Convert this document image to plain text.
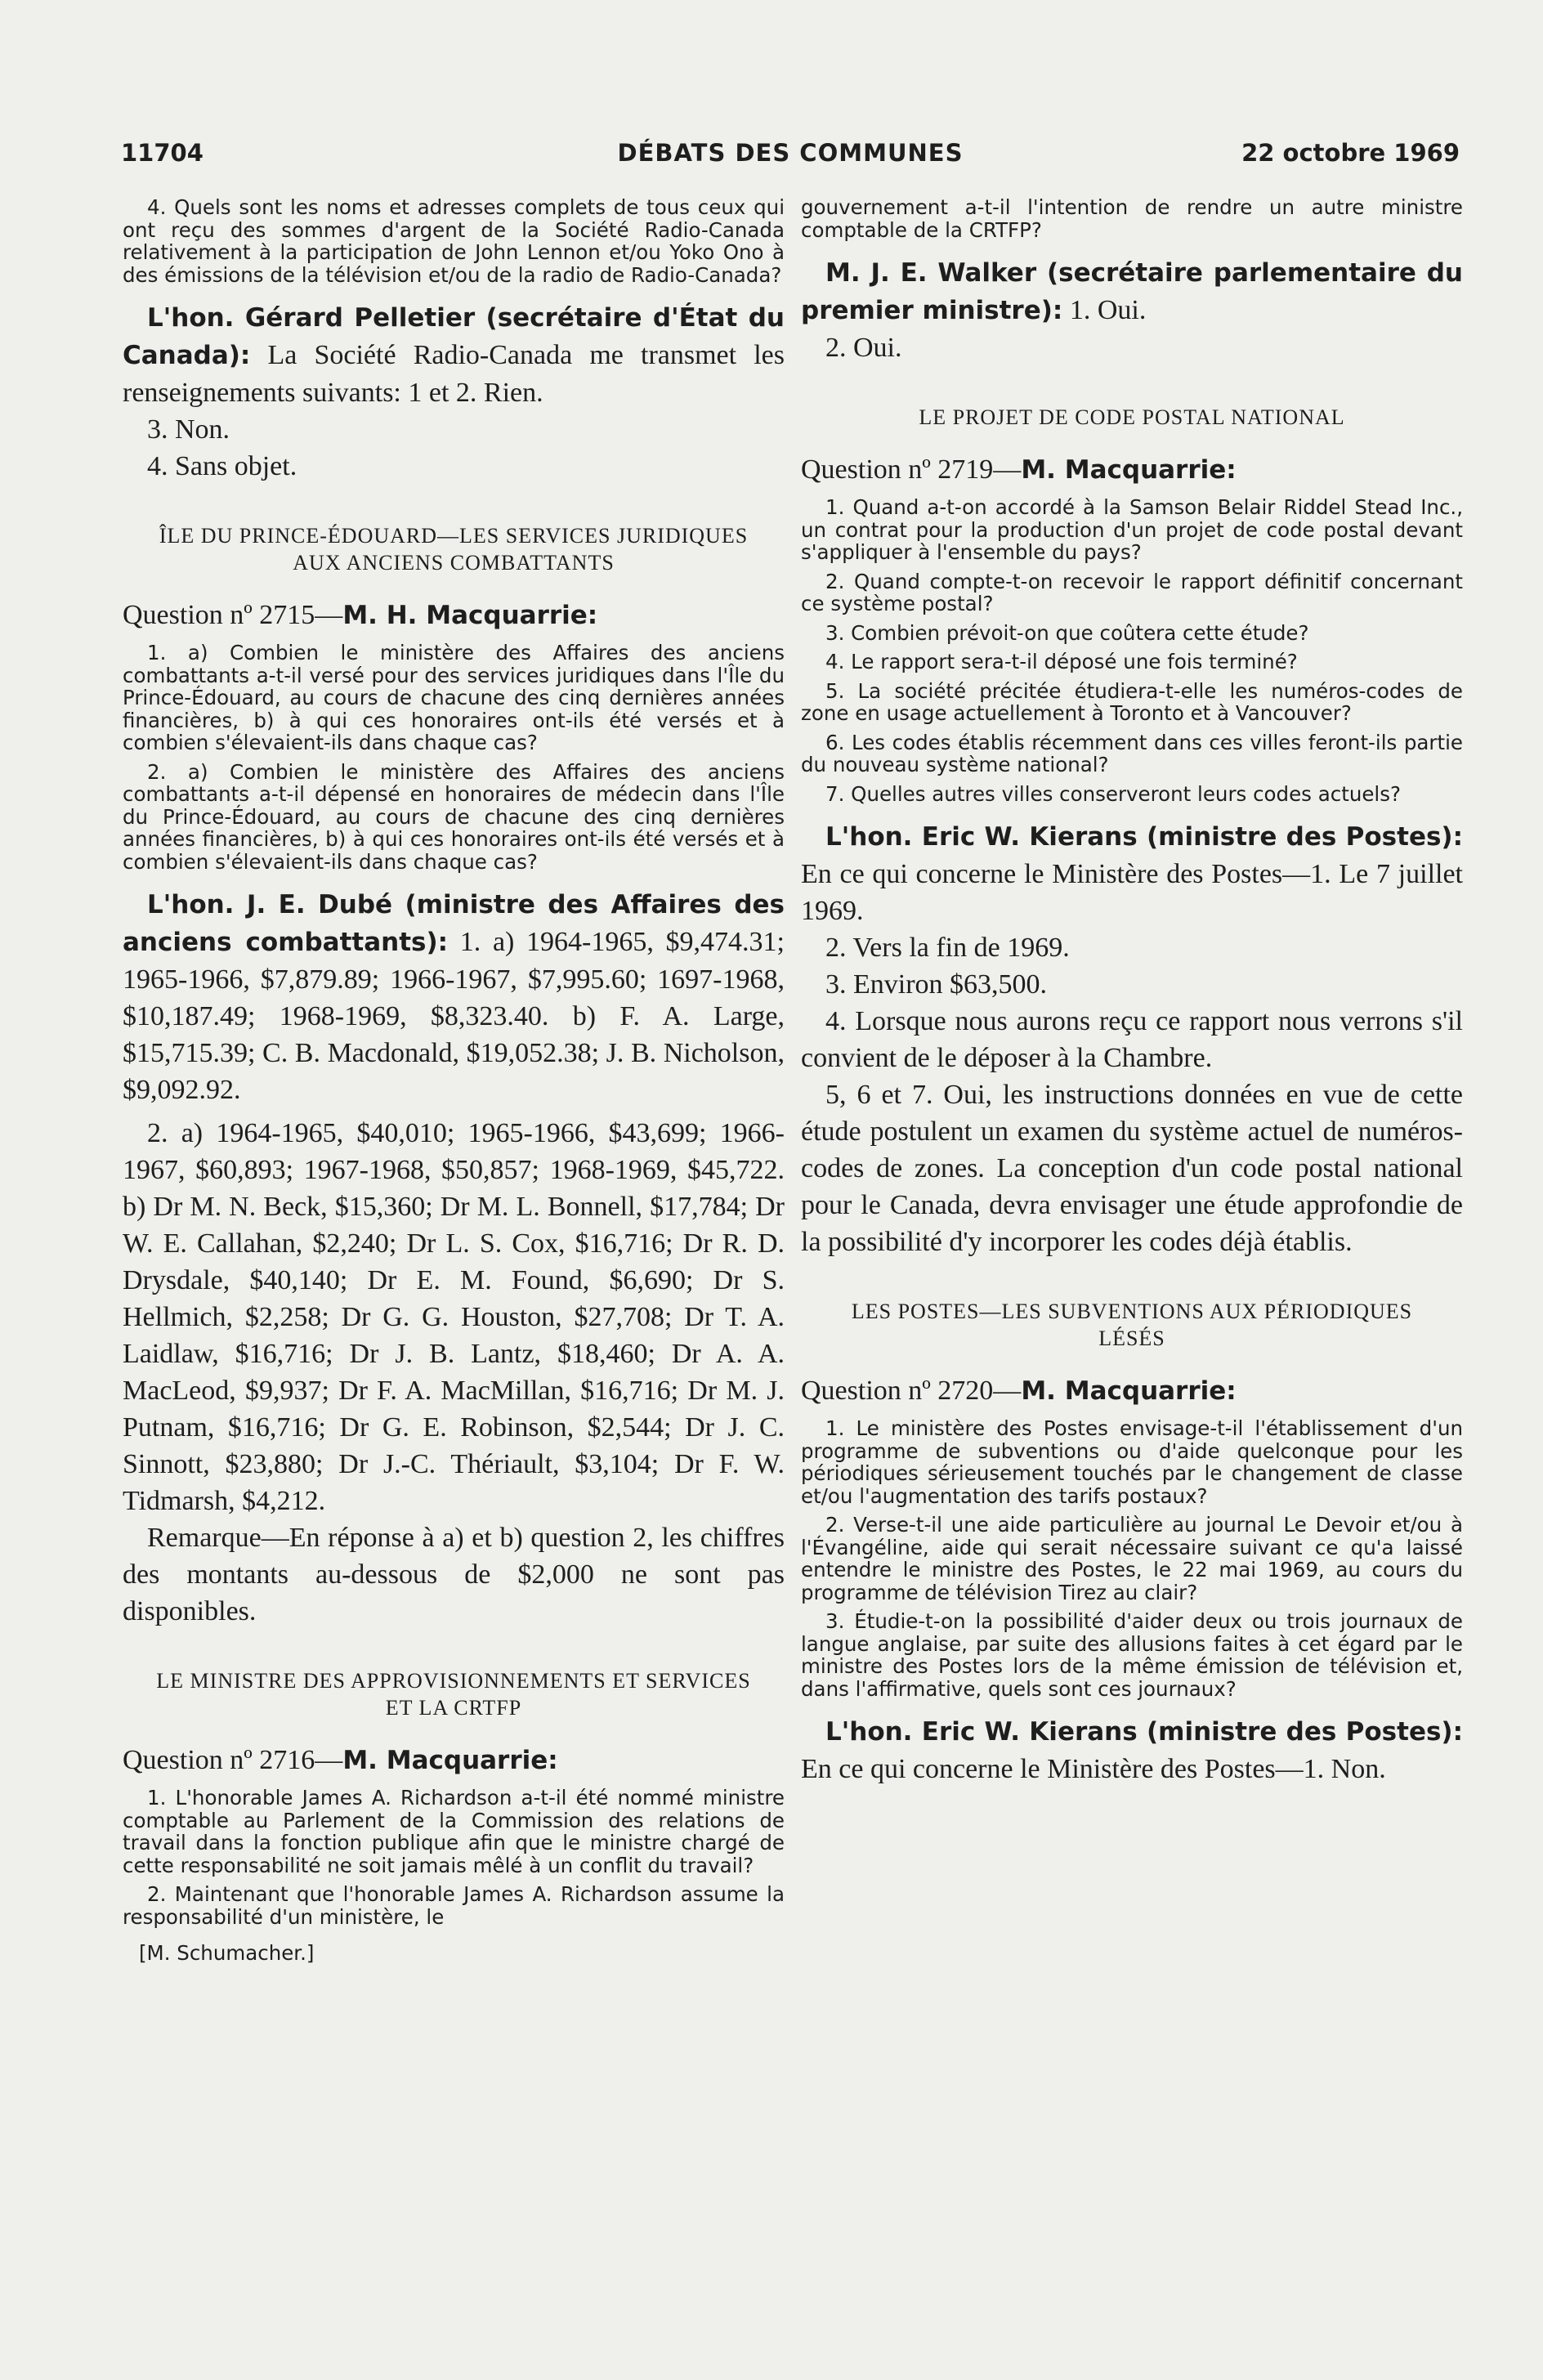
11704	DÉBATS DES COMMUNES	22 octobre 1969

4. Quels sont les noms et adresses complets de tous ceux qui ont reçu des sommes d'argent de la Société Radio-Canada relativement à la participation de John Lennon et/ou Yoko Ono à des émissions de la télévision et/ou de la radio de Radio-Canada?

L'hon. Gérard Pelletier (secrétaire d'État du Canada): La Société Radio-Canada me transmet les renseignements suivants: 1 et 2. Rien.

3. Non.

4. Sans objet.

ÎLE DU PRINCE-ÉDOUARD—LES SERVICES JURIDIQUES AUX ANCIENS COMBATTANTS

Question nº 2715—M. H. Macquarrie:

1. a) Combien le ministère des Affaires des anciens combattants a-t-il versé pour des services juridiques dans l'Île du Prince-Édouard, au cours de chacune des cinq dernières années financières, b) à qui ces honoraires ont-ils été versés et à combien s'élevaient-ils dans chaque cas?

2. a) Combien le ministère des Affaires des anciens combattants a-t-il dépensé en honoraires de médecin dans l'Île du Prince-Édouard, au cours de chacune des cinq dernières années financières, b) à qui ces honoraires ont-ils été versés et à combien s'élevaient-ils dans chaque cas?

L'hon. J. E. Dubé (ministre des Affaires des anciens combattants): 1. a) 1964-1965, $9,474.31; 1965-1966, $7,879.89; 1966-1967, $7,995.60; 1697-1968, $10,187.49; 1968-1969, $8,323.40. b) F. A. Large, $15,715.39; C. B. Macdonald, $19,052.38; J. B. Nicholson, $9,092.92.

2. a) 1964-1965, $40,010; 1965-1966, $43,699; 1966-1967, $60,893; 1967-1968, $50,857; 1968-1969, $45,722. b) Dr M. N. Beck, $15,360; Dr M. L. Bonnell, $17,784; Dr W. E. Callahan, $2,240; Dr L. S. Cox, $16,716; Dr R. D. Drysdale, $40,140; Dr E. M. Found, $6,690; Dr S. Hellmich, $2,258; Dr G. G. Houston, $27,708; Dr T. A. Laidlaw, $16,716; Dr J. B. Lantz, $18,460; Dr A. A. MacLeod, $9,937; Dr F. A. MacMillan, $16,716; Dr M. J. Putnam, $16,716; Dr G. E. Robinson, $2,544; Dr J. C. Sinnott, $23,880; Dr J.-C. Thériault, $3,104; Dr F. W. Tidmarsh, $4,212.

Remarque—En réponse à a) et b) question 2, les chiffres des montants au-dessous de $2,000 ne sont pas disponibles.

LE MINISTRE DES APPROVISIONNEMENTS ET SERVICES ET LA CRTFP

Question nº 2716—M. Macquarrie:

1. L'honorable James A. Richardson a-t-il été nommé ministre comptable au Parlement de la Commission des relations de travail dans la fonction publique afin que le ministre chargé de cette responsabilité ne soit jamais mêlé à un conflit du travail?

2. Maintenant que l'honorable James A. Richardson assume la responsabilité d'un ministère, le

[M. Schumacher.]

gouvernement a-t-il l'intention de rendre un autre ministre comptable de la CRTFP?

M. J. E. Walker (secrétaire parlementaire du premier ministre): 1. Oui.

2. Oui.

LE PROJET DE CODE POSTAL NATIONAL

Question nº 2719—M. Macquarrie:

1. Quand a-t-on accordé à la Samson Belair Riddel Stead Inc., un contrat pour la production d'un projet de code postal devant s'appliquer à l'ensemble du pays?

2. Quand compte-t-on recevoir le rapport définitif concernant ce système postal?

3. Combien prévoit-on que coûtera cette étude?

4. Le rapport sera-t-il déposé une fois terminé?

5. La société précitée étudiera-t-elle les numéros-codes de zone en usage actuellement à Toronto et à Vancouver?

6. Les codes établis récemment dans ces villes feront-ils partie du nouveau système national?

7. Quelles autres villes conserveront leurs codes actuels?

L'hon. Eric W. Kierans (ministre des Postes): En ce qui concerne le Ministère des Postes—1. Le 7 juillet 1969.

2. Vers la fin de 1969.

3. Environ $63,500.

4. Lorsque nous aurons reçu ce rapport nous verrons s'il convient de le déposer à la Chambre.

5, 6 et 7. Oui, les instructions données en vue de cette étude postulent un examen du système actuel de numéros-codes de zones. La conception d'un code postal national pour le Canada, devra envisager une étude approfondie de la possibilité d'y incorporer les codes déjà établis.

LES POSTES—LES SUBVENTIONS AUX PÉRIODIQUES LÉSÉS

Question nº 2720—M. Macquarrie:

1. Le ministère des Postes envisage-t-il l'établissement d'un programme de subventions ou d'aide quelconque pour les périodiques sérieusement touchés par le changement de classe et/ou l'augmentation des tarifs postaux?

2. Verse-t-il une aide particulière au journal Le Devoir et/ou à l'Évangéline, aide qui serait nécessaire suivant ce qu'a laissé entendre le ministre des Postes, le 22 mai 1969, au cours du programme de télévision Tirez au clair?

3. Étudie-t-on la possibilité d'aider deux ou trois journaux de langue anglaise, par suite des allusions faites à cet égard par le ministre des Postes lors de la même émission de télévision et, dans l'affirmative, quels sont ces journaux?

L'hon. Eric W. Kierans (ministre des Postes): En ce qui concerne le Ministère des Postes—1. Non.
